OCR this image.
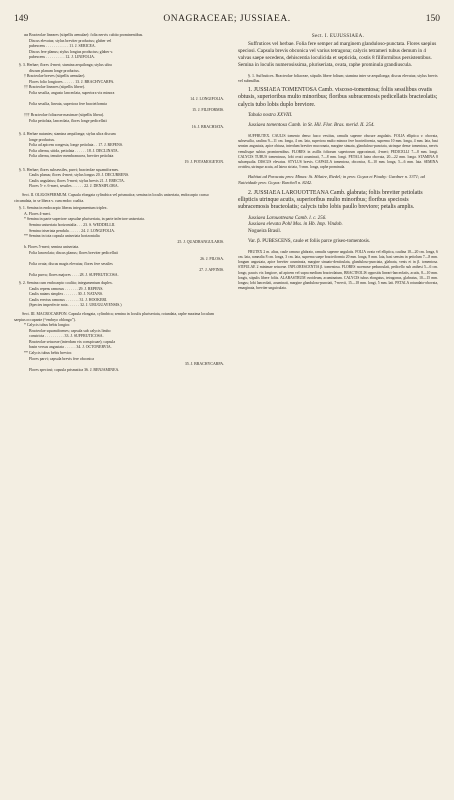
149	ONAGRACEAE; JUSSIAEA.	150
αα Bracteolae lineares (stipellis aemulae): folia nervis cubito prominentibus.
Discus elevatus; stylus breviter productus; glaber vel
pubescens . . . . . . . . . . . . 11. J. SERICEA.
Discus fere planus; stylus longius productus; glaber v.
pubescens . . . . . . . . . . 12. J. LINIFOLIA.
§. 3. Herbae; flores 4-meri; stamina aequilonga; stylus ultra
discum planum longe productus.
† Bracteolae breves (stipellis aemulae).
Flores folio longiores . . . . . . 13. J. BRACHYCARPA.
†† Bracteolae lineares (stipellis libere).
Folia sessilia, angusto lanceolata, superiora vix minora
14. J. LONGIFOLIA.
Folia sessilia, lineata, superiora fere bracteiformia
15. J. FILIFORMIS.
††† Bracteolae foliaceae maximae (stipellis libera).
Folia petiolata, lanceolata, flores longe pedicellati
16. J. BRACHIATA.
§. 4. Herbae nutantes; stamina aequilonga; stylus ultra discum
longe productus.
Folia ad apicem congesta, longe petiolata . . 17. J. REPENS.
Folia alterna, sitida, petiolata . . . . . . 18. J. DECLINATA.
Folia alterna, tenuiter membranacea, breviter petiolata
19. J. POTAMOGETON.
§. 5. Herbae; flores subsessiles, parvi; bracteolae squamiformes.
Caulis planus; flores 4-meri; stylus longus 20. J. DECURRENS.
Caulis angulatus; flores 5-meri; stylus brevis 21. J. ERECTA.
Flores 5- v. 6-meri, sessiles . . . . . . 22. J. DENSIFLORA.
Sect. II. OLIGOSPERMUM. Capsula elongata cylindrica vel prismatica; semina in loculis uniseriata, endocarpio crasso circumdata, in se libera v. cum endoc coalita.
§. 1. Semina in endocarpio liberas integumentum triplex.
A. Flores 4-meri.
* Semina in parte superiore capsulae pluriseriata, in parte inferiore uniseriata.
Semina uniseriata horizontalia . . . 23. S. WEDDELLII.
Semina triseriata pendula . . . . . . 24. J. LONGIFOLIA.
** Semina in tota capsula uniseriata horizontalia
25. J. QUADRANGULARIS.
b. Flores 5-meri; semina uniseriata.
Folia lanceolata; discus planus; flores breviter pedicellati
26. J. PILOSA.
Folia ovata; discus magis elevatus; flores fere sessiles
27. J. AFFINIS.
Folia parva; flores majores . . . . 28. J. SUFFRUTICOSA.
§. 2. Semina cum endocarpio coalita; integumentum duplex.
Caulis repens ramosus . . . . . . . 29. J. REPENS.
Caulis natans simplex . . . . . . . 30. J. NATANS.
Caulis erectus ramosus . . . . . . . 31. J. HOOKERI.
(Species imperfecte nota . . . . . . 32. J. URUGUAYENSIS.)
Sect. III. MACROCARPON. Capsula elongata, cylindrica; semina in loculis pluriseriata, rotundata, raphe maxima loculum saepius occupante (“embryo oblongo”).
* Calycis tubus bebis longior.
Bracteolae squamiformes; capsula sub calycis limbo
constricta . . . . . . . . . . 33. J. SUFFRUTICOSA.
Bracteolae setaceae (interdum vix conspicuae); capsula
basin versus angustata . . . . . . 34. J. OCTONERVIA.
** Calycis tubus bebis brevior.
Flores parvi; capsula brevis fere obconica
35. J. BRACHYCARPA.
Flores speciosi; capsula prismatica 36. J. BENJAMINEA.
Sect. I. EUJUSSIAEA.
Suffrutices vel herbae. Folia fere semper ad marginem glanduloso-punctata. Flores saepius speciosi. Capsula brevis obconica vel varius tetragona; calycis tetrameri tubus demum in 4 valvas saepe secedens, dehiscentia loculicida et septicida, costis 8 filiformibus persistentibus. Semina in loculis numerosissima, pluriseriata, ovata, raphe prominula grandiuscula.
§. 1. Suffrutices. Bracteolae foliaceae, stipulis libere folium; stamina inter se aequilonga; discus elevatus; stylus brevis vel subnullus.
1. JUSSIAEA TOMENTOSA Camb. viscoso-tomentosa; foliis sessilibus ovatis obtusis, superioribus multo minoribus; floribus subracemosis pedicellatis bracteolatis; calycis tubo lobis duplo breviore.
Tabula nostra XXVIII.
Jussiaea tomentosa Camb. in St. Hil. Flor. Bras. merid. II. 254.
SUFFRUTEX. CAULIS tomento denso fusco vestitus, ramulis superne obscure angulatis. FOLIA elliptica v. obovata, subsessilia, caulina 9—11 cm. longa, 4 cm. lata, superiora multo minora fere bracteiformia, suprema 10 mm. longa, 4 mm. lata, basi sensim angustata, apice obtusa, interdum breviter mucronata, margine sinuata, glanduloso-punctata, utrinque dense tomentosa, nervis venulisque subtus prominentibus. FLORES in axillis foliorum superiorum approximati, 4-meri; PEDICELLI 7—8 mm. longi. CALYCIS TUBUS tomentosus, lobi ovati acuminati, 7—8 mm. longi. PETALA lutea obovata, 20—22 mm. longa. STAMINA 8 subaequalia. DISCUS elevatus. STYLUS brevis. CAPSULA tomentosa, obconica, 8—10 mm. longa, 5—6 mm. lata. SEMINA ovoidea, utrinque acuta, ad latera striata, ½ mm. longa, raphe prominula.
Habitat ad Paracatu prov. Minas: St. Hilaire, Riedel; in prov. Goyaz et Piauhy: Gardner n. 3371; ad Natividade prov. Goyaz: Burchell n. 8242.
2. JUSSIAEA LAROUOTTEANA Camb. glabrata; foliis breviter petiolatis ellipticis utrinque acutis, superioribus multo minoribus; floribus speciosis subracemosis bracteolatis; calycis tubo lobis paullo breviore; petalis amplis.
Jussiaea Larouotteana Camb. l. c. 256.
Jussiaea elevata Pohl Mss. in Hb. Imp. Vindob.
Nogueira Brasil.
Var. β. PUBESCENS, caule et foliis parce griseo-tomentosis.
FRUTEX 2 m. altus, caule ramoso glabrato, ramulis superne angulatis. FOLIA ovata vel elliptica, caulina 18—20 cm. longa, 6 cm. lata, ramealia 8 cm. longa, 3 cm. lata, suprema saepe bracteiformia 20 mm. longa, 8 mm. lata, basi sensim in petiolum 7—8 mm. longum angustata, apice breviter acuminata, margine sinuato-denticulata, glanduloso-punctata, glabrata, venis et in β. tomentosa. STIPULAE 2 minimae setaceae. INFLORESCENTIA β. tomentosa. FLORES racemose pedunculati, pedicello sub anthesi 5—6 cm. longo, paucis vix longiore, ad apicem vel supra medium bracteolatum, BRACTEOLIS oppositis lineari-lanceolatis, acutis, 8—10 mm. longis, stipulis libere foliis. ALABASTRUM ovoideum, acuminatum. CALYCIS tubus elongatus, tetragonus, glabratus, 10—15 mm. longus; lobi lanceolati, acuminati, margine glanduloso-punctati, 7-nervii, 15—18 mm. longi, 5 mm. lati. PETALA rotundato-obovata, emarginata, breviter unguiculata.
